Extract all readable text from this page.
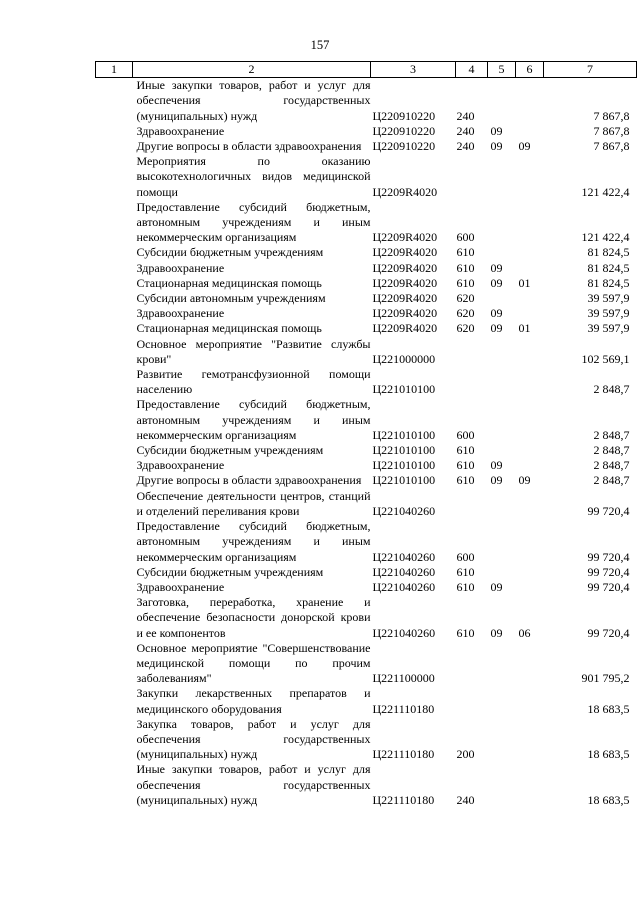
157
1	2	3	4	5	6	7
	Иные закупки товаров, работ и услуг для обеспечения государственных (муниципальных) нужд	Ц220910220	240			7 867,8
	Здравоохранение	Ц220910220	240	09		7 867,8
	Другие вопросы в области здравоохранения	Ц220910220	240	09	09	7 867,8
	Мероприятия по оказанию высокотехнологичных видов медицинской помощи	Ц2209R4020				121 422,4
	Предоставление субсидий бюджетным, автономным учреждениям и иным некоммерческим организациям	Ц2209R4020	600			121 422,4
	Субсидии бюджетным учреждениям	Ц2209R4020	610			81 824,5
	Здравоохранение	Ц2209R4020	610	09		81 824,5
	Стационарная медицинская помощь	Ц2209R4020	610	09	01	81 824,5
	Субсидии автономным учреждениям	Ц2209R4020	620			39 597,9
	Здравоохранение	Ц2209R4020	620	09		39 597,9
	Стационарная медицинская помощь	Ц2209R4020	620	09	01	39 597,9
	Основное мероприятие "Развитие службы крови"	Ц221000000				102 569,1
	Развитие гемотрансфузионной помощи населению	Ц221010100				2 848,7
	Предоставление субсидий бюджетным, автономным учреждениям и иным некоммерческим организациям	Ц221010100	600			2 848,7
	Субсидии бюджетным учреждениям	Ц221010100	610			2 848,7
	Здравоохранение	Ц221010100	610	09		2 848,7
	Другие вопросы в области здравоохранения	Ц221010100	610	09	09	2 848,7
	Обеспечение деятельности центров, станций и отделений переливания крови	Ц221040260				99 720,4
	Предоставление субсидий бюджетным, автономным учреждениям и иным некоммерческим организациям	Ц221040260	600			99 720,4
	Субсидии бюджетным учреждениям	Ц221040260	610			99 720,4
	Здравоохранение	Ц221040260	610	09		99 720,4
	Заготовка, переработка, хранение и обеспечение безопасности донорской крови и ее компонентов	Ц221040260	610	09	06	99 720,4
	Основное мероприятие "Совершенствование медицинской помощи по прочим заболеваниям"	Ц221100000				901 795,2
	Закупки лекарственных препаратов и медицинского оборудования	Ц221110180				18 683,5
	Закупка товаров, работ и услуг для обеспечения государственных (муниципальных) нужд	Ц221110180	200			18 683,5
	Иные закупки товаров, работ и услуг для обеспечения государственных (муниципальных) нужд	Ц221110180	240			18 683,5
